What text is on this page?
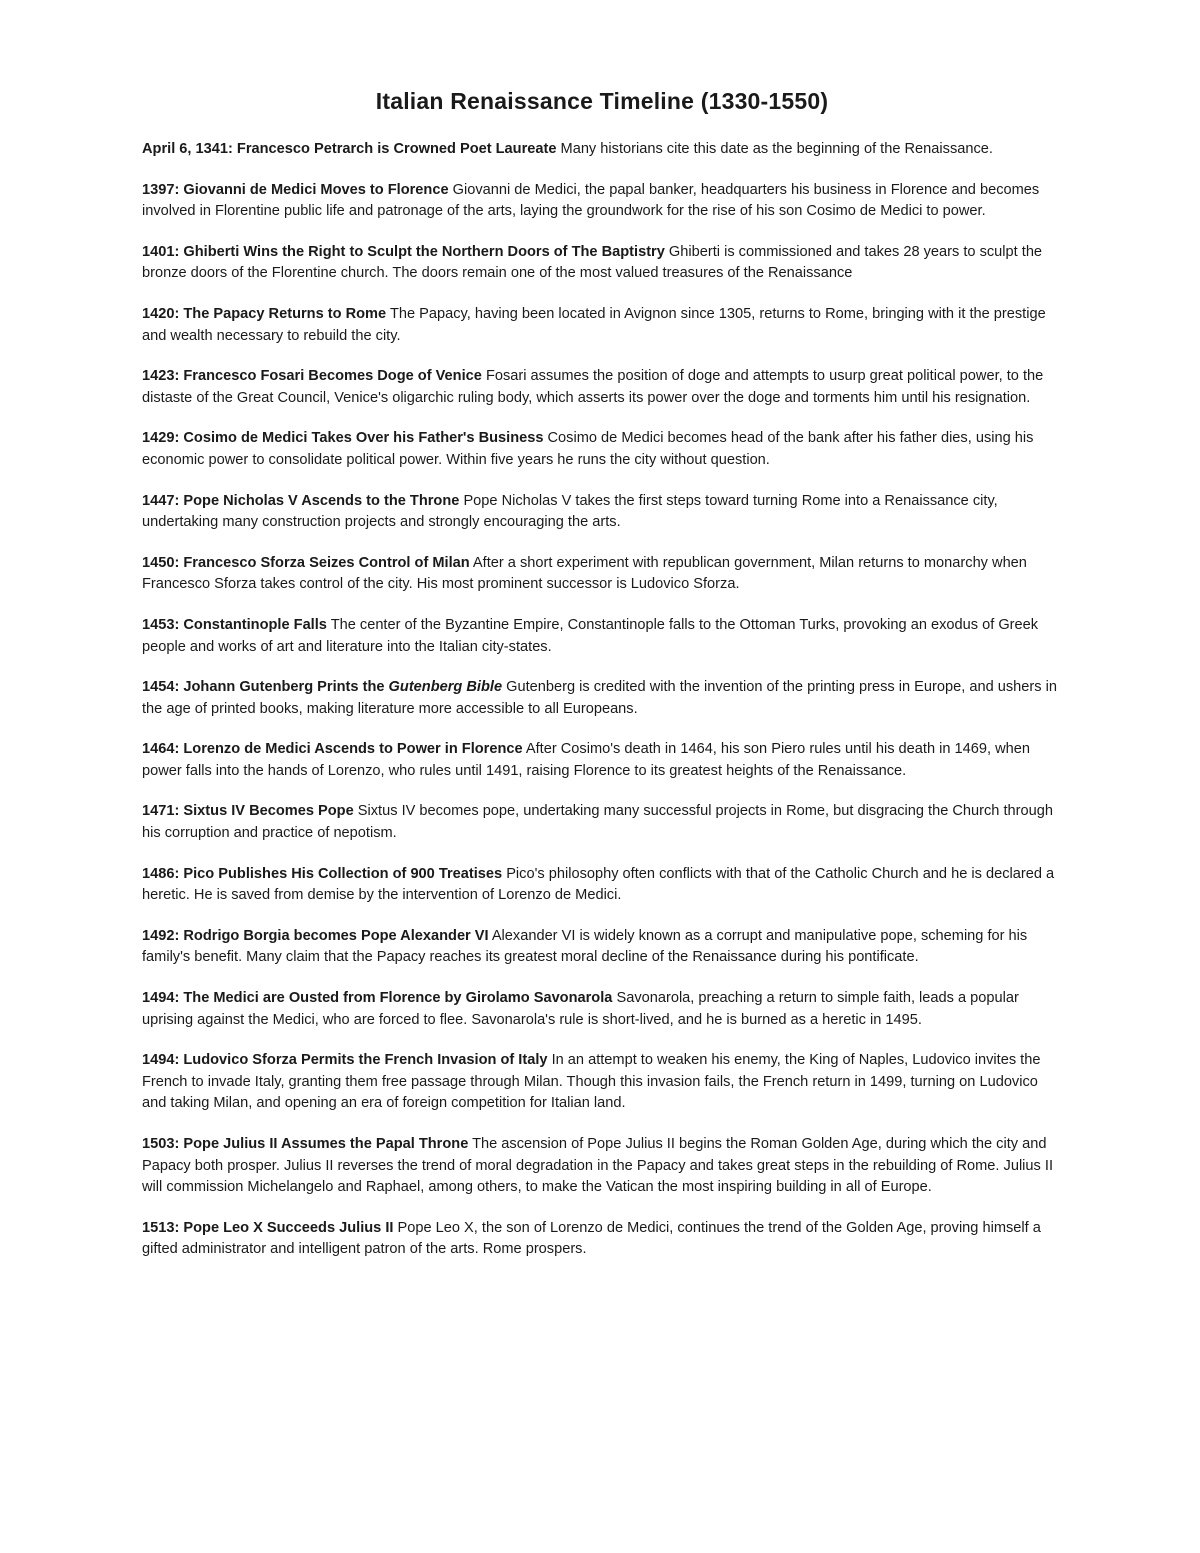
Italian Renaissance Timeline (1330-1550)

April 6, 1341: Francesco Petrarch is Crowned Poet Laureate Many historians cite this date as the beginning of the Renaissance.

1397: Giovanni de Medici Moves to Florence Giovanni de Medici, the papal banker, headquarters his business in Florence and becomes involved in Florentine public life and patronage of the arts, laying the groundwork for the rise of his son Cosimo de Medici to power.

1401: Ghiberti Wins the Right to Sculpt the Northern Doors of The Baptistry Ghiberti is commissioned and takes 28 years to sculpt the bronze doors of the Florentine church. The doors remain one of the most valued treasures of the Renaissance

1420: The Papacy Returns to Rome The Papacy, having been located in Avignon since 1305, returns to Rome, bringing with it the prestige and wealth necessary to rebuild the city.

1423: Francesco Fosari Becomes Doge of Venice Fosari assumes the position of doge and attempts to usurp great political power, to the distaste of the Great Council, Venice's oligarchic ruling body, which asserts its power over the doge and torments him until his resignation.

1429: Cosimo de Medici Takes Over his Father's Business Cosimo de Medici becomes head of the bank after his father dies, using his economic power to consolidate political power. Within five years he runs the city without question.

1447: Pope Nicholas V Ascends to the Throne Pope Nicholas V takes the first steps toward turning Rome into a Renaissance city, undertaking many construction projects and strongly encouraging the arts.

1450: Francesco Sforza Seizes Control of Milan After a short experiment with republican government, Milan returns to monarchy when Francesco Sforza takes control of the city. His most prominent successor is Ludovico Sforza.

1453: Constantinople Falls The center of the Byzantine Empire, Constantinople falls to the Ottoman Turks, provoking an exodus of Greek people and works of art and literature into the Italian city-states.

1454: Johann Gutenberg Prints the Gutenberg Bible Gutenberg is credited with the invention of the printing press in Europe, and ushers in the age of printed books, making literature more accessible to all Europeans.

1464: Lorenzo de Medici Ascends to Power in Florence After Cosimo's death in 1464, his son Piero rules until his death in 1469, when power falls into the hands of Lorenzo, who rules until 1491, raising Florence to its greatest heights of the Renaissance.

1471: Sixtus IV Becomes Pope Sixtus IV becomes pope, undertaking many successful projects in Rome, but disgracing the Church through his corruption and practice of nepotism.

1486: Pico Publishes His Collection of 900 Treatises Pico's philosophy often conflicts with that of the Catholic Church and he is declared a heretic. He is saved from demise by the intervention of Lorenzo de Medici.

1492: Rodrigo Borgia becomes Pope Alexander VI Alexander VI is widely known as a corrupt and manipulative pope, scheming for his family's benefit. Many claim that the Papacy reaches its greatest moral decline of the Renaissance during his pontificate.

1494: The Medici are Ousted from Florence by Girolamo Savonarola Savonarola, preaching a return to simple faith, leads a popular uprising against the Medici, who are forced to flee. Savonarola's rule is short-lived, and he is burned as a heretic in 1495.

1494: Ludovico Sforza Permits the French Invasion of Italy In an attempt to weaken his enemy, the King of Naples, Ludovico invites the French to invade Italy, granting them free passage through Milan. Though this invasion fails, the French return in 1499, turning on Ludovico and taking Milan, and opening an era of foreign competition for Italian land.

1503: Pope Julius II Assumes the Papal Throne The ascension of Pope Julius II begins the Roman Golden Age, during which the city and Papacy both prosper. Julius II reverses the trend of moral degradation in the Papacy and takes great steps in the rebuilding of Rome. Julius II will commission Michelangelo and Raphael, among others, to make the Vatican the most inspiring building in all of Europe.

1513: Pope Leo X Succeeds Julius II Pope Leo X, the son of Lorenzo de Medici, continues the trend of the Golden Age, proving himself a gifted administrator and intelligent patron of the arts. Rome prospers.
